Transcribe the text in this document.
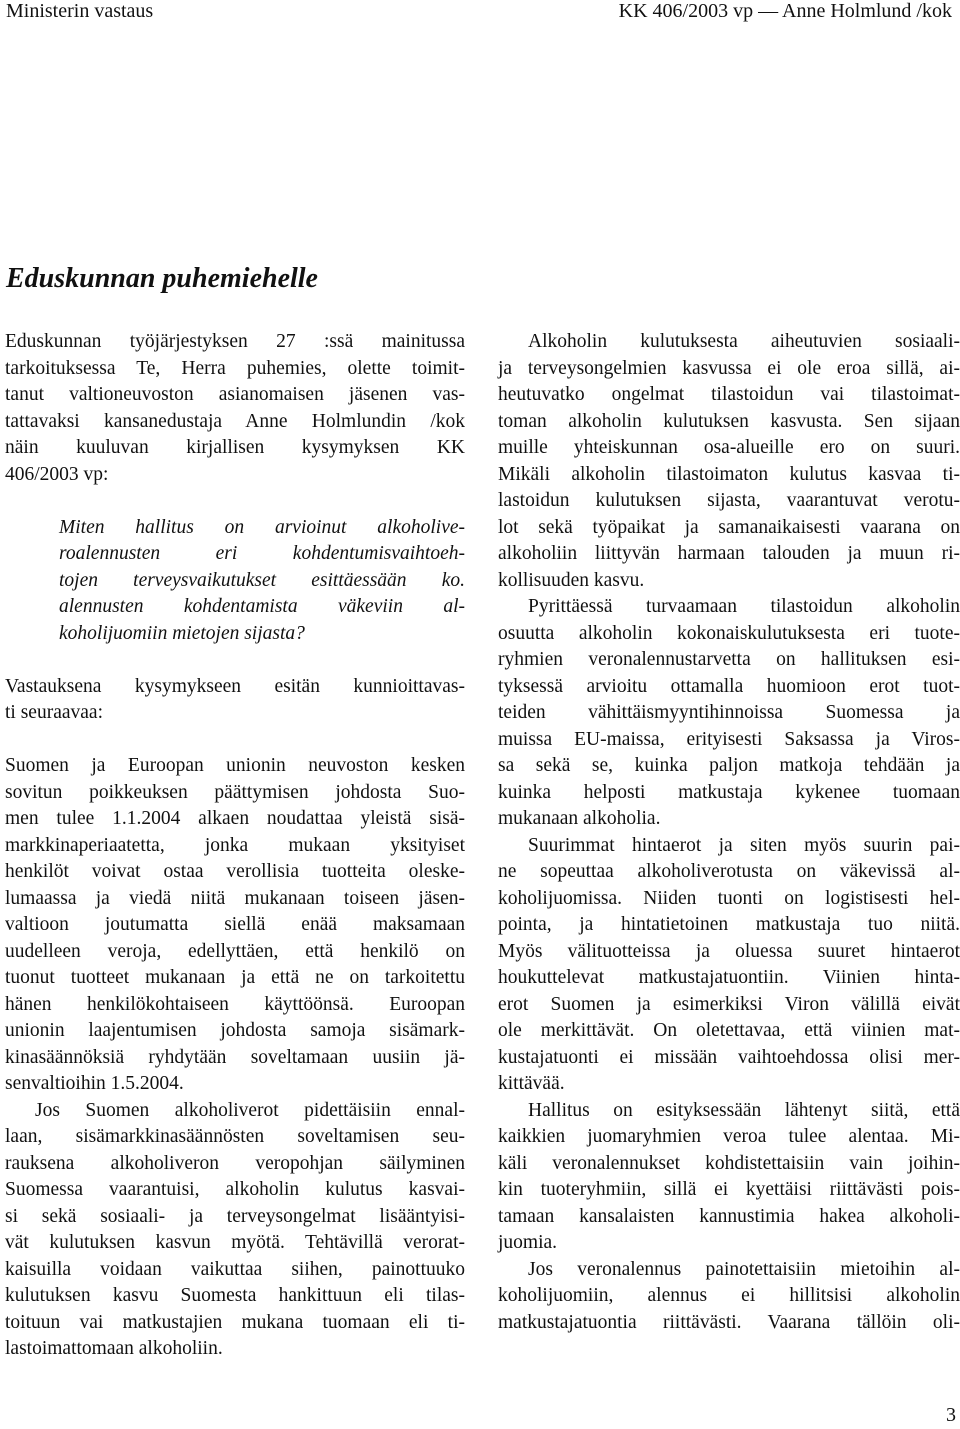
Ministerin vastaus	KK 406/2003 vp — Anne Holmlund /kok
Eduskunnan puhemiehelle
Eduskunnan työjärjestyksen 27 :ssä mainitussa
tarkoituksessa Te, Herra puhemies, olette toimit-
tanut valtioneuvoston asianomaisen jäsenen vas-
tattavaksi kansanedustaja Anne Holmlundin /kok
näin kuuluvan kirjallisen kysymyksen KK
406/2003 vp:
Miten hallitus on arvioinut alkoholive-
roalennusten eri kohdentumisvaihtoeh-
tojen terveysvaikutukset esittäessään ko.
alennusten kohdentamista väkeviin al-
koholijuomiin mietojen sijasta?
Vastauksena kysymykseen esitän kunnioittavas-
ti seuraavaa:
Suomen ja Euroopan unionin neuvoston kesken
sovitun poikkeuksen päättymisen johdosta Suo-
men tulee 1.1.2004 alkaen noudattaa yleistä sisä-
markkinaperiaatetta, jonka mukaan yksityiset
henkilöt voivat ostaa verollisia tuotteita oleske-
lumaassa ja viedä niitä mukanaan toiseen jäsen-
valtioon joutumatta siellä enää maksamaan
uudelleen veroja, edellyttäen, että henkilö on
tuonut tuotteet mukanaan ja että ne on tarkoitettu
hänen henkilökohtaiseen käyttöönsä. Euroopan
unionin laajentumisen johdosta samoja sisämark-
kinasäännöksiä ryhdytään soveltamaan uusiin jä-
senvaltioihin 1.5.2004.
Jos Suomen alkoholiverot pidettäisiin ennal-
laan, sisämarkkinasäännösten soveltamisen seu-
rauksena alkoholiveron veropohjan säilyminen
Suomessa vaarantuisi, alkoholin kulutus kasvai-
si sekä sosiaali- ja terveysongelmat lisääntyisi-
vät kulutuksen kasvun myötä. Tehtävillä verorat-
kaisuilla voidaan vaikuttaa siihen, painottuuko
kulutuksen kasvu Suomesta hankittuun eli tilas-
toituun vai matkustajien mukana tuomaan eli ti-
lastoimattomaan alkoholiin.
Alkoholin kulutuksesta aiheutuvien sosiaali-
ja terveysongelmien kasvussa ei ole eroa sillä, ai-
heutuvatko ongelmat tilastoidun vai tilastoimat-
toman alkoholin kulutuksen kasvusta. Sen sijaan
muille yhteiskunnan osa-alueille ero on suuri.
Mikäli alkoholin tilastoimaton kulutus kasvaa ti-
lastoidun kulutuksen sijasta, vaarantuvat verotu-
lot sekä työpaikat ja samanaikaisesti vaarana on
alkoholiin liittyvän harmaan talouden ja muun ri-
kollisuuden kasvu.
Pyrittäessä turvaamaan tilastoidun alkoholin
osuutta alkoholin kokonaiskulutuksesta eri tuote-
ryhmien veronalennustarvetta on hallituksen esi-
tyksessä arvioitu ottamalla huomioon erot tuot-
teiden vähittäismyyntihinnoissa Suomessa ja
muissa EU-maissa, erityisesti Saksassa ja Viros-
sa sekä se, kuinka paljon matkoja tehdään ja
kuinka helposti matkustaja kykenee tuomaan
mukanaan alkoholia.
Suurimmat hintaerot ja siten myös suurin pai-
ne sopeuttaa alkoholiverotusta on väkevissä al-
koholijuomissa. Niiden tuonti on logistisesti hel-
pointa, ja hintatietoinen matkustaja tuo niitä.
Myös välituotteissa ja oluessa suuret hintaerot
houkuttelevat matkustajatuontiin. Viinien hinta-
erot Suomen ja esimerkiksi Viron välillä eivät
ole merkittävät. On oletettavaa, että viinien mat-
kustajatuonti ei missään vaihtoehdossa olisi mer-
kittävää.
Hallitus on esityksessään lähtenyt siitä, että
kaikkien juomaryhmien veroa tulee alentaa. Mi-
käli veronalennukset kohdistettaisiin vain joihin-
kin tuoteryhmiin, sillä ei kyettäisi riittävästi pois-
tamaan kansalaisten kannustimia hakea alkoholi-
juomia.
Jos veronalennus painotettaisiin mietoihin al-
koholijuomiin, alennus ei hillitsisi alkoholin
matkustajatuontia riittävästi. Vaarana tällöin oli-
3
